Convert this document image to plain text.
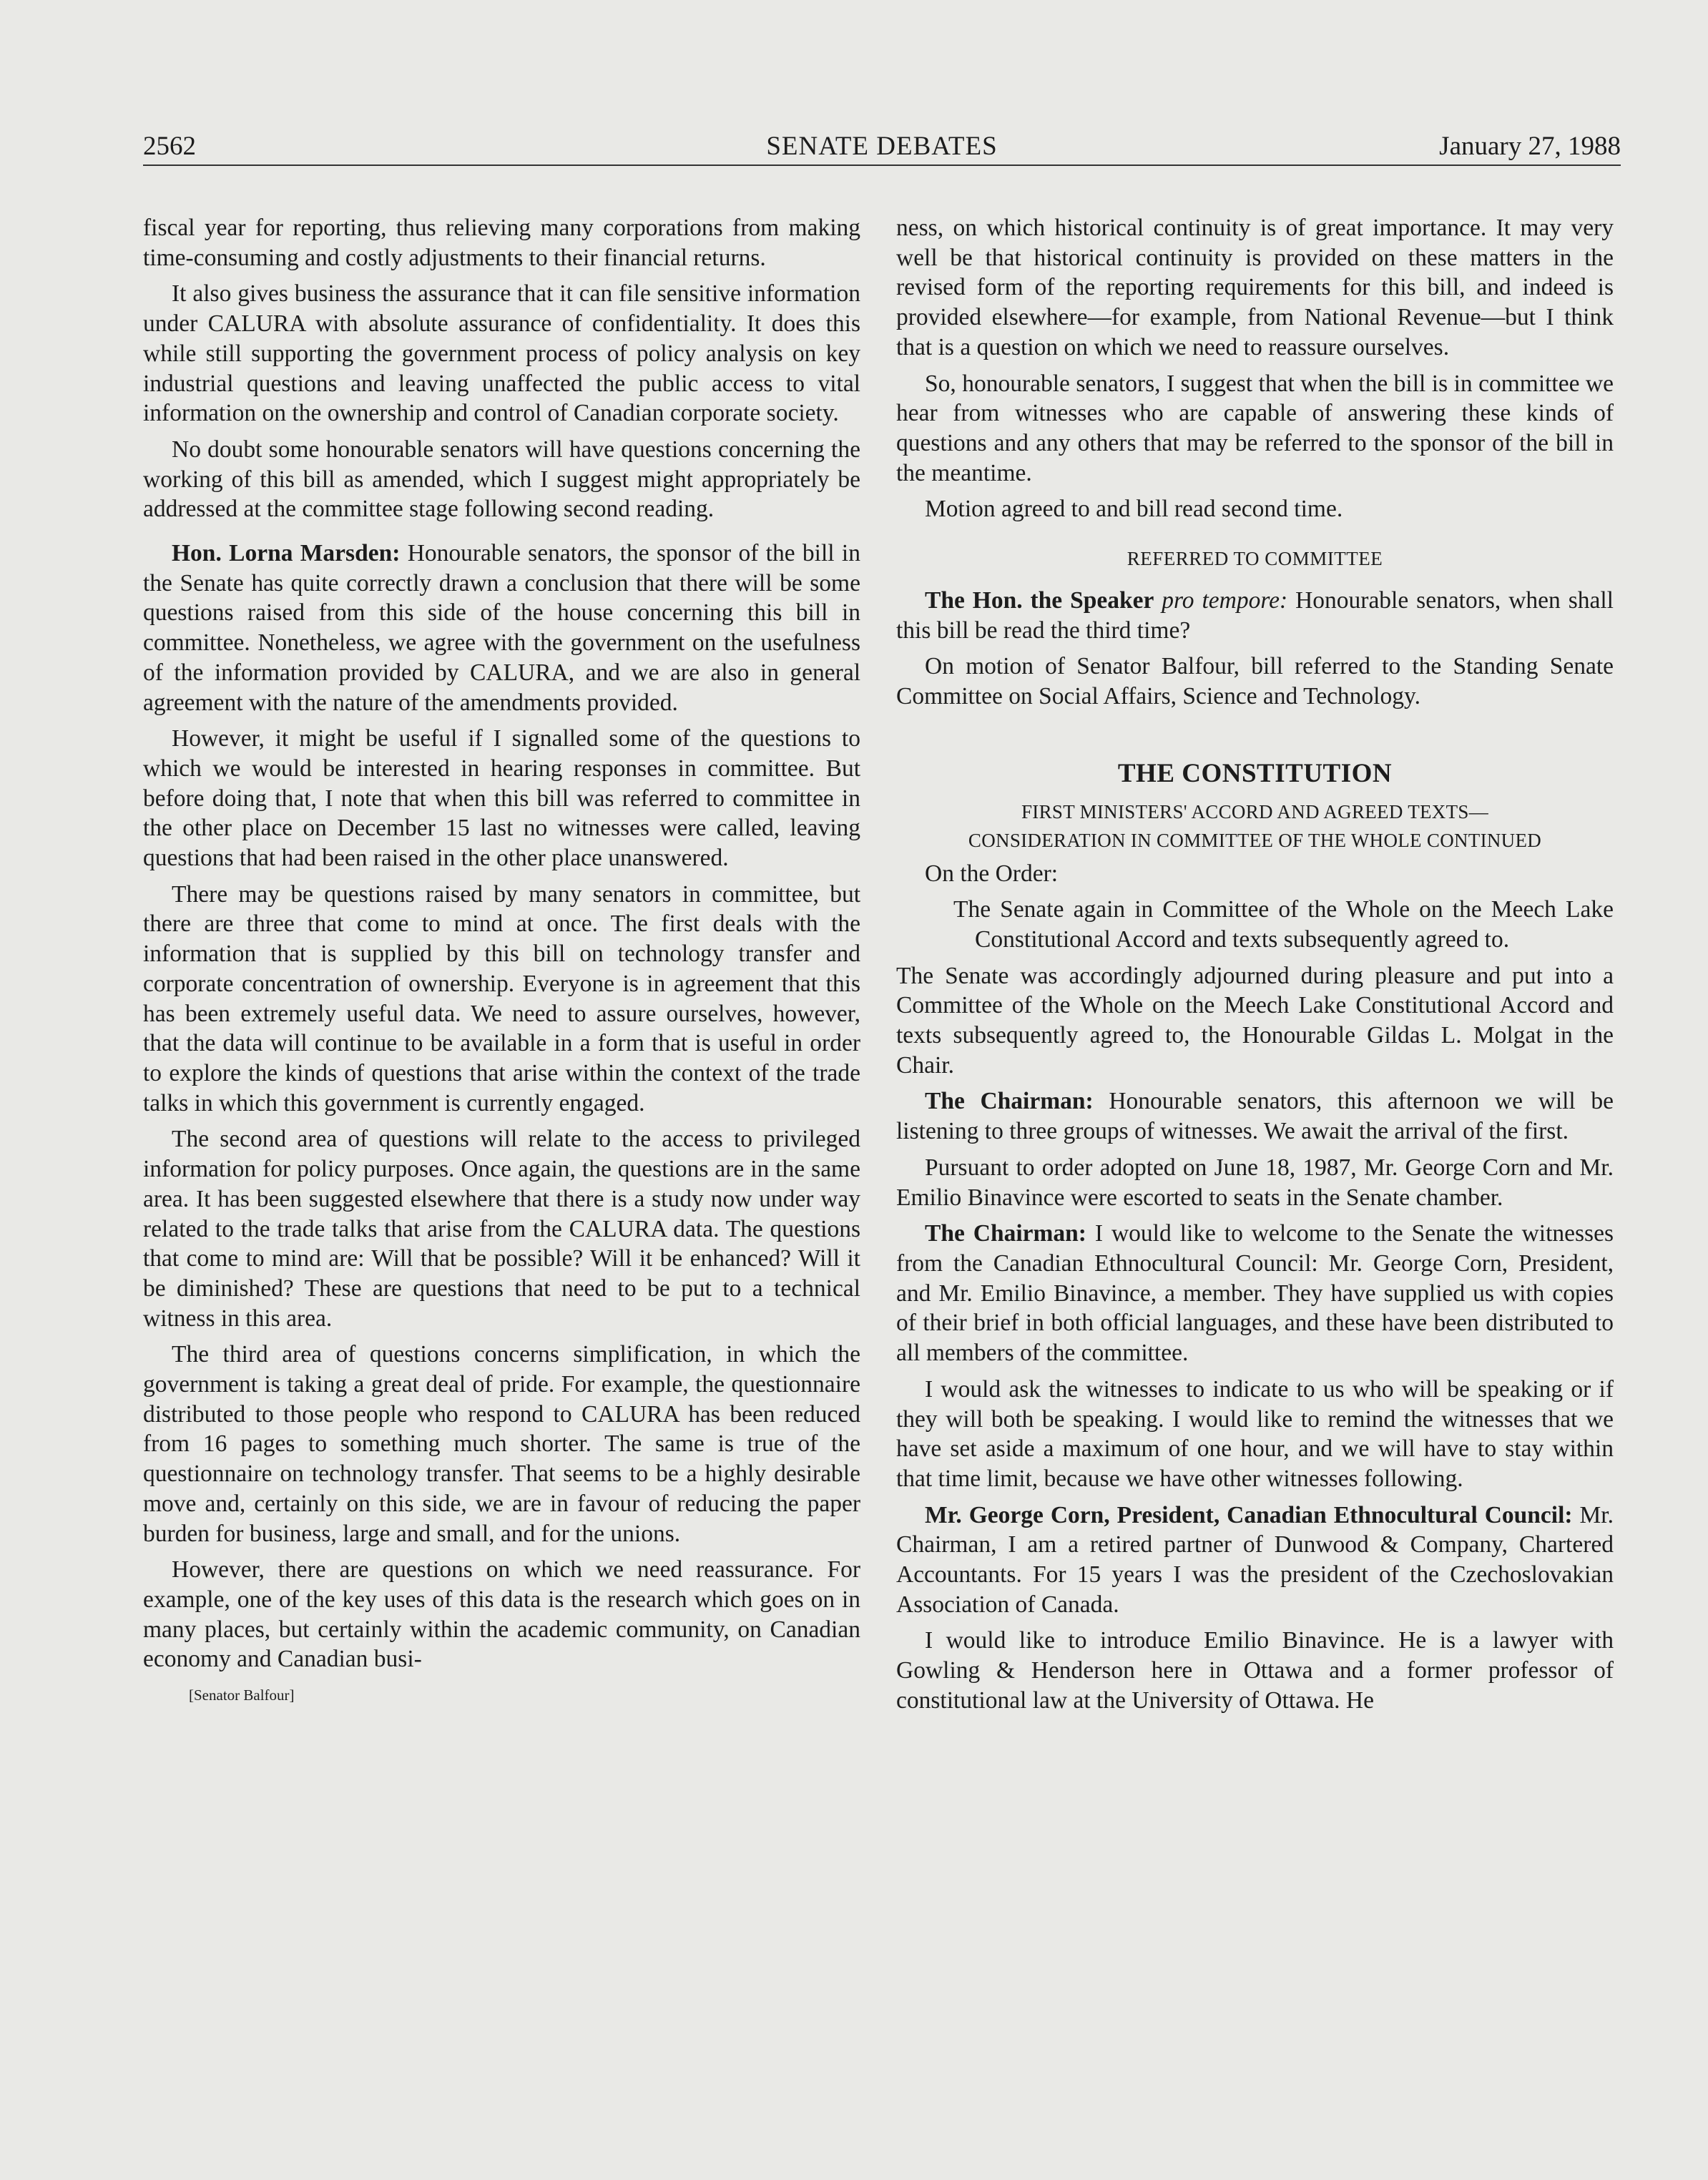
2562	SENATE DEBATES	January 27, 1988

fiscal year for reporting, thus relieving many corporations from making time-consuming and costly adjustments to their financial returns.

It also gives business the assurance that it can file sensitive information under CALURA with absolute assurance of confidentiality. It does this while still supporting the government process of policy analysis on key industrial questions and leaving unaffected the public access to vital information on the ownership and control of Canadian corporate society.

No doubt some honourable senators will have questions concerning the working of this bill as amended, which I suggest might appropriately be addressed at the committee stage following second reading.

Hon. Lorna Marsden: Honourable senators, the sponsor of the bill in the Senate has quite correctly drawn a conclusion that there will be some questions raised from this side of the house concerning this bill in committee. Nonetheless, we agree with the government on the usefulness of the information provided by CALURA, and we are also in general agreement with the nature of the amendments provided.

However, it might be useful if I signalled some of the questions to which we would be interested in hearing responses in committee. But before doing that, I note that when this bill was referred to committee in the other place on December 15 last no witnesses were called, leaving questions that had been raised in the other place unanswered.

There may be questions raised by many senators in committee, but there are three that come to mind at once. The first deals with the information that is supplied by this bill on technology transfer and corporate concentration of ownership. Everyone is in agreement that this has been extremely useful data. We need to assure ourselves, however, that the data will continue to be available in a form that is useful in order to explore the kinds of questions that arise within the context of the trade talks in which this government is currently engaged.

The second area of questions will relate to the access to privileged information for policy purposes. Once again, the questions are in the same area. It has been suggested elsewhere that there is a study now under way related to the trade talks that arise from the CALURA data. The questions that come to mind are: Will that be possible? Will it be enhanced? Will it be diminished? These are questions that need to be put to a technical witness in this area.

The third area of questions concerns simplification, in which the government is taking a great deal of pride. For example, the questionnaire distributed to those people who respond to CALURA has been reduced from 16 pages to something much shorter. The same is true of the questionnaire on technology transfer. That seems to be a highly desirable move and, certainly on this side, we are in favour of reducing the paper burden for business, large and small, and for the unions.

However, there are questions on which we need reassurance. For example, one of the key uses of this data is the research which goes on in many places, but certainly within the academic community, on Canadian economy and Canadian busi-

[Senator Balfour]

ness, on which historical continuity is of great importance. It may very well be that historical continuity is provided on these matters in the revised form of the reporting requirements for this bill, and indeed is provided elsewhere—for example, from National Revenue—but I think that is a question on which we need to reassure ourselves.

So, honourable senators, I suggest that when the bill is in committee we hear from witnesses who are capable of answering these kinds of questions and any others that may be referred to the sponsor of the bill in the meantime.

Motion agreed to and bill read second time.

REFERRED TO COMMITTEE

The Hon. the Speaker pro tempore: Honourable senators, when shall this bill be read the third time?

On motion of Senator Balfour, bill referred to the Standing Senate Committee on Social Affairs, Science and Technology.

THE CONSTITUTION
FIRST MINISTERS' ACCORD AND AGREED TEXTS—
CONSIDERATION IN COMMITTEE OF THE WHOLE CONTINUED

On the Order:

The Senate again in Committee of the Whole on the Meech Lake Constitutional Accord and texts subsequently agreed to.

The Senate was accordingly adjourned during pleasure and put into a Committee of the Whole on the Meech Lake Constitutional Accord and texts subsequently agreed to, the Honourable Gildas L. Molgat in the Chair.

The Chairman: Honourable senators, this afternoon we will be listening to three groups of witnesses. We await the arrival of the first.

Pursuant to order adopted on June 18, 1987, Mr. George Corn and Mr. Emilio Binavince were escorted to seats in the Senate chamber.

The Chairman: I would like to welcome to the Senate the witnesses from the Canadian Ethnocultural Council: Mr. George Corn, President, and Mr. Emilio Binavince, a member. They have supplied us with copies of their brief in both official languages, and these have been distributed to all members of the committee.

I would ask the witnesses to indicate to us who will be speaking or if they will both be speaking. I would like to remind the witnesses that we have set aside a maximum of one hour, and we will have to stay within that time limit, because we have other witnesses following.

Mr. George Corn, President, Canadian Ethnocultural Council: Mr. Chairman, I am a retired partner of Dunwood & Company, Chartered Accountants. For 15 years I was the president of the Czechoslovakian Association of Canada.

I would like to introduce Emilio Binavince. He is a lawyer with Gowling & Henderson here in Ottawa and a former professor of constitutional law at the University of Ottawa. He
